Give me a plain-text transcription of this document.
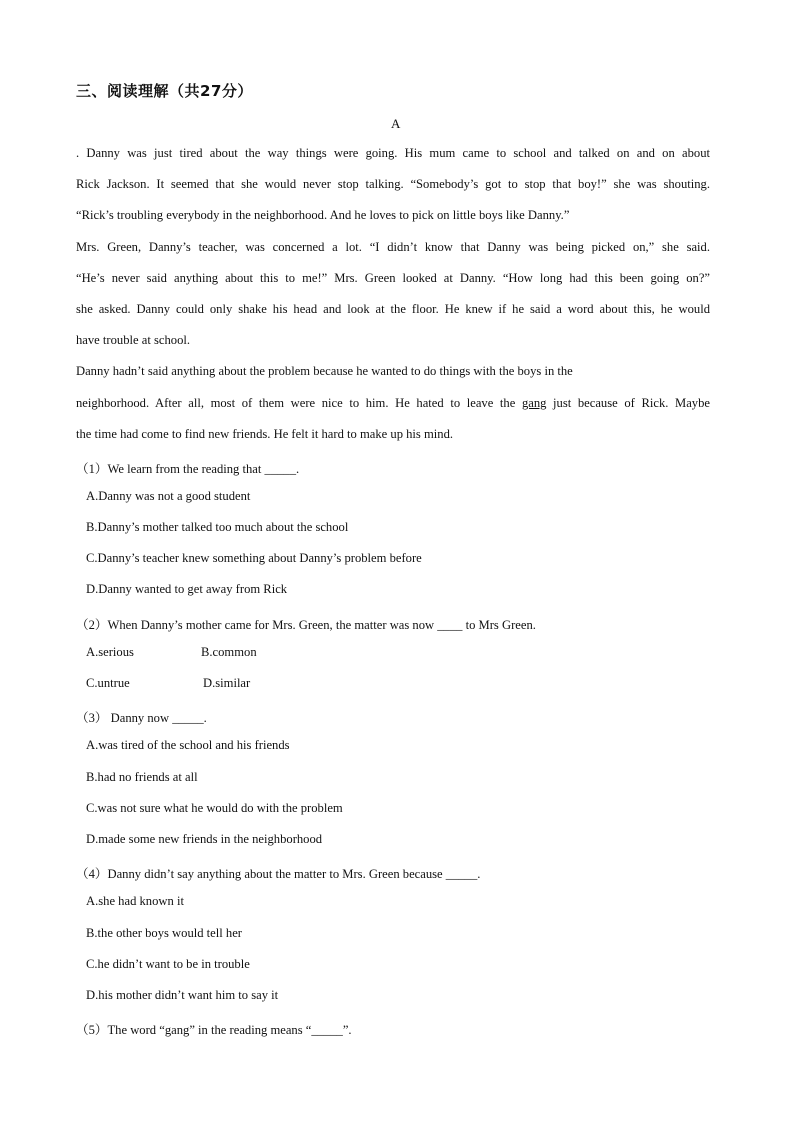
三、阅读理解（共27分）
A
. Danny was just tired about the way things were going. His mum came to school and talked on and on about
Rick Jackson. It seemed that she would never stop talking. “Somebody’s got to stop that boy!” she was shouting.
“Rick’s troubling everybody in the neighborhood. And he loves to pick on little boys like Danny.”
Mrs. Green, Danny’s teacher, was concerned a lot. “I didn’t know that Danny was being picked on,” she said.
“He’s never said anything about this to me!” Mrs. Green looked at Danny. “How long had this been going on?”
she asked. Danny could only shake his head and look at the floor. He knew if he said a word about this, he would
have trouble at school.
Danny hadn’t said anything about the problem because he wanted to do things with the boys in the
neighborhood. After all, most of them were nice to him. He hated to leave the gang just because of Rick. Maybe
the time had come to find new friends. He felt it hard to make up his mind.
（1）We learn from the reading that _____.
A.Danny was not a good student
B.Danny’s mother talked too much about the school
C.Danny’s teacher knew something about Danny’s problem before
D.Danny wanted to get away from Rick
（2）When Danny’s mother came for Mrs. Green, the matter was now ____ to Mrs Green.
A.serious	B.common
C.untrue	D.similar
（3） Danny now _____.
A.was tired of the school and his friends
B.had no friends at all
C.was not sure what he would do with the problem
D.made some new friends in the neighborhood
（4）Danny didn’t say anything about the matter to Mrs. Green because _____.
A.she had known it
B.the other boys would tell her
C.he didn’t want to be in trouble
D.his mother didn’t want him to say it
（5）The word “gang” in the reading means “_____”.
